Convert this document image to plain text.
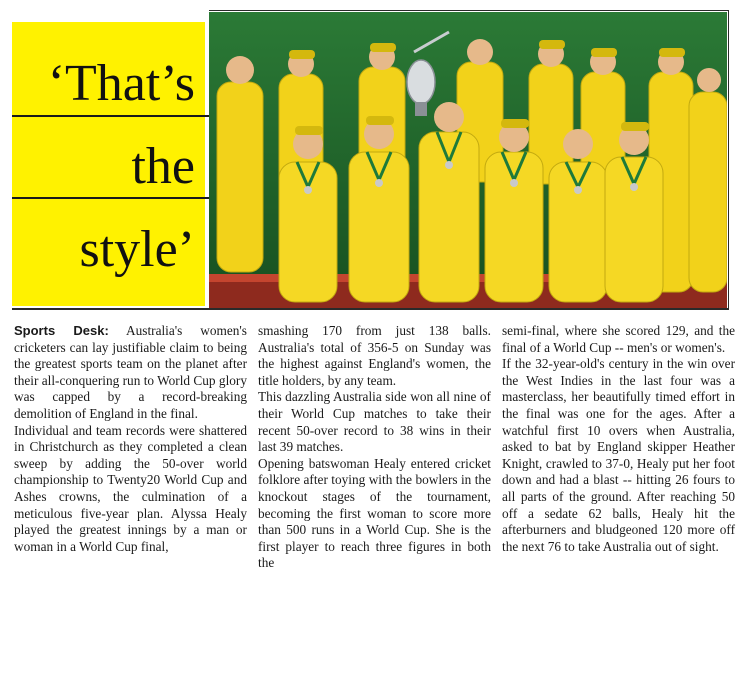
‘That’s
the
style’

Sports Desk: Australia's women's cricketers can lay justifiable claim to being the greatest sports team on the planet after their all-conquering run to World Cup glory was capped by a record-breaking demolition of England in the final.

Individual and team records were shattered in Christchurch as they completed a clean sweep by adding the 50-over world championship to Twenty20 World Cup and Ashes crowns, the culmination of a meticulous five-year plan. Alyssa Healy played the greatest innings by a man or woman in a World Cup final,

smashing 170 from just 138 balls. Australia's total of 356-5 on Sunday was the highest against England's women, the title holders, by any team.

This dazzling Australia side won all nine of their World Cup matches to take their recent 50-over record to 38 wins in their last 39 matches.

Opening batswoman Healy entered cricket folklore after toying with the bowlers in the knockout stages of the tournament, becoming the first woman to score more than 500 runs in a World Cup. She is the first player to reach three figures in both the

semi-final, where she scored 129, and the final of a World Cup -- men's or women's.

If the 32-year-old's century in the win over the West Indies in the last four was a masterclass, her beautifully timed effort in the final was one for the ages. After a watchful first 10 overs when Australia, asked to bat by England skipper Heather Knight, crawled to 37-0, Healy put her foot down and had a blast -- hitting 26 fours to all parts of the ground. After reaching 50 off a sedate 62 balls, Healy hit the afterburners and bludgeoned 120 more off the next 76 to take Australia out of sight.
